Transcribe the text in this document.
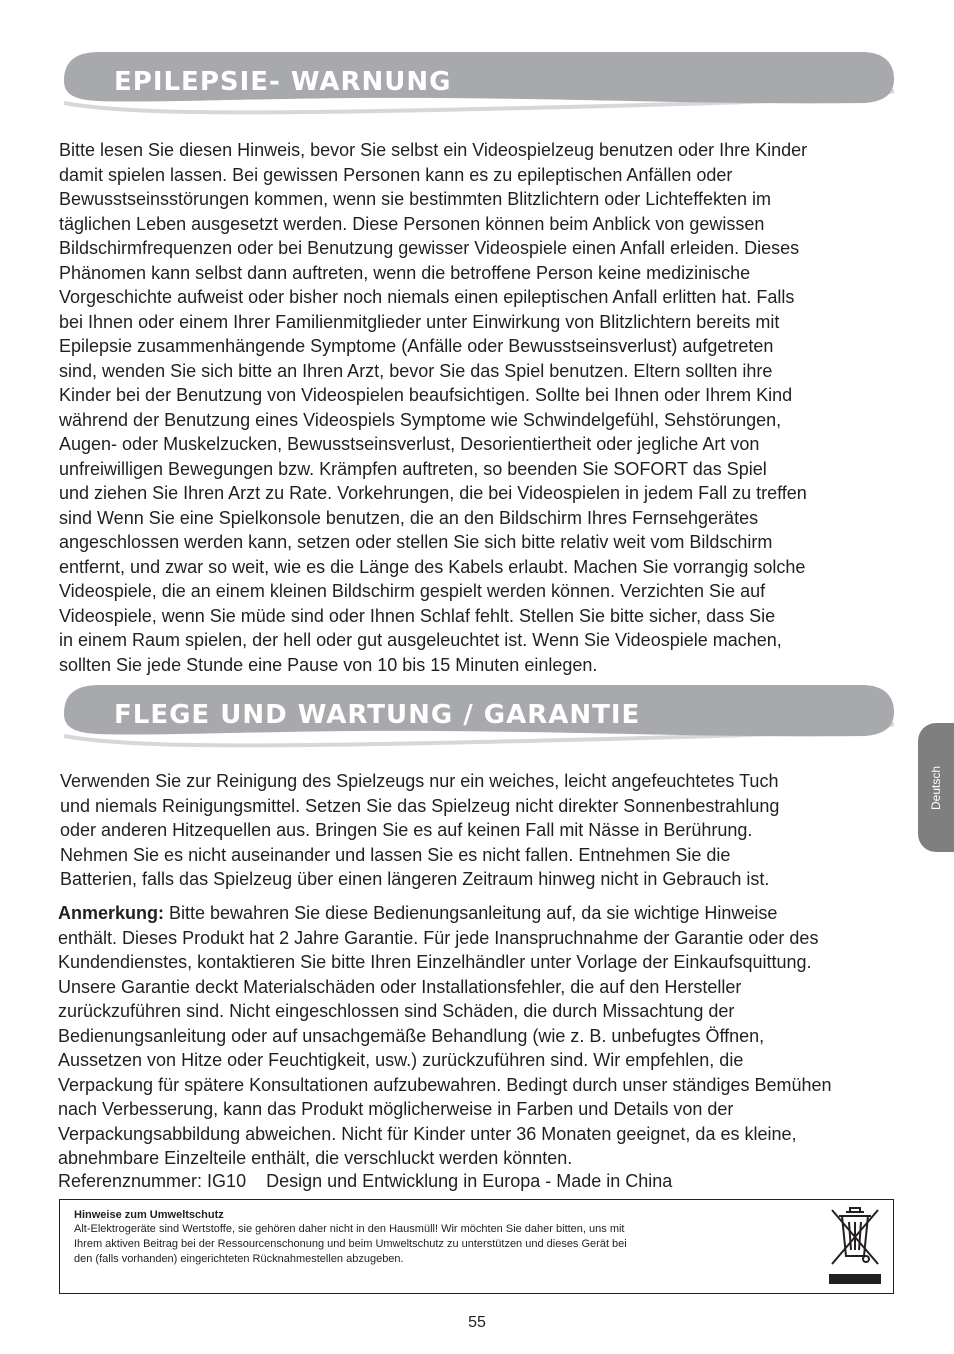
EPILEPSIE- WARNUNG

Bitte lesen Sie diesen Hinweis, bevor Sie selbst ein Videospielzeug benutzen oder Ihre Kinder
damit spielen lassen. Bei gewissen Personen kann es zu epileptischen Anfällen oder
Bewusstseinsstörungen kommen, wenn sie bestimmten Blitzlichtern oder Lichteffekten im
täglichen Leben ausgesetzt werden. Diese Personen können beim Anblick von gewissen
Bildschirmfrequenzen oder bei Benutzung gewisser Videospiele einen Anfall erleiden. Dieses
Phänomen kann selbst dann auftreten, wenn die betroffene Person keine medizinische
Vorgeschichte aufweist oder bisher noch niemals einen epileptischen Anfall erlitten hat. Falls
bei Ihnen oder einem Ihrer Familienmitglieder unter Einwirkung von Blitzlichtern bereits mit
Epilepsie zusammenhängende Symptome (Anfälle oder Bewusstseinsverlust) aufgetreten
sind, wenden Sie sich bitte an Ihren Arzt, bevor Sie das Spiel benutzen. Eltern sollten ihre
Kinder bei der Benutzung von Videospielen beaufsichtigen. Sollte bei Ihnen oder Ihrem Kind
während der Benutzung eines Videospiels Symptome wie Schwindelgefühl, Sehstörungen,
Augen- oder Muskelzucken, Bewusstseinsverlust, Desorientiertheit oder jegliche Art von
unfreiwilligen Bewegungen bzw. Krämpfen auftreten, so beenden Sie SOFORT das Spiel
und ziehen Sie Ihren Arzt zu Rate. Vorkehrungen, die bei Videospielen in jedem Fall zu treffen
sind Wenn Sie eine Spielkonsole benutzen, die an den Bildschirm Ihres Fernsehgerätes
angeschlossen werden kann, setzen oder stellen Sie sich bitte relativ weit vom Bildschirm
entfernt, und zwar so weit, wie es die Länge des Kabels erlaubt. Machen Sie vorrangig solche
Videospiele, die an einem kleinen Bildschirm gespielt werden können. Verzichten Sie auf
Videospiele, wenn Sie müde sind oder Ihnen Schlaf fehlt. Stellen Sie bitte sicher, dass Sie
in einem Raum spielen, der hell oder gut ausgeleuchtet ist. Wenn Sie Videospiele machen,
sollten Sie jede Stunde eine Pause von 10 bis 15 Minuten einlegen.

FLEGE UND WARTUNG / GARANTIE

Verwenden Sie zur Reinigung des Spielzeugs nur ein weiches, leicht angefeuchtetes Tuch
und niemals Reinigungsmittel. Setzen Sie das Spielzeug nicht direkter Sonnenbestrahlung
oder anderen Hitzequellen aus. Bringen Sie es auf keinen Fall mit Nässe in Berührung.
Nehmen Sie es nicht auseinander und lassen Sie es nicht fallen. Entnehmen Sie die
Batterien, falls das Spielzeug über einen längeren Zeitraum hinweg nicht in Gebrauch ist.

Anmerkung: Bitte bewahren Sie diese Bedienungsanleitung auf, da sie wichtige Hinweise
enthält. Dieses Produkt hat 2 Jahre Garantie. Für jede Inanspruchnahme der Garantie oder des
Kundendienstes, kontaktieren Sie bitte Ihren Einzelhändler unter Vorlage der Einkaufsquittung.
Unsere Garantie deckt Materialschäden oder Installationsfehler, die auf den Hersteller
zurückzuführen sind. Nicht eingeschlossen sind Schäden, die durch Missachtung der
Bedienungsanleitung oder auf unsachgemäße Behandlung (wie z. B. unbefugtes Öffnen,
Aussetzen von Hitze oder Feuchtigkeit, usw.) zurückzuführen sind. Wir empfehlen, die
Verpackung für spätere Konsultationen aufzubewahren. Bedingt durch unser ständiges Bemühen
nach Verbesserung, kann das Produkt möglicherweise in Farben und Details von der
Verpackungsabbildung abweichen. Nicht für Kinder unter 36 Monaten geeignet, da es kleine,
abnehmbare Einzelteile enthält, die verschluckt werden könnten.

Referenznummer: IG10    Design und Entwicklung in Europa - Made in China

Hinweise zum Umweltschutz

Alt-Elektrogeräte sind Wertstoffe, sie gehören daher nicht in den Hausmüll! Wir möchten Sie daher bitten, uns mit
Ihrem aktiven Beitrag bei der Ressourcenschonung und beim Umweltschutz zu unterstützen und dieses Gerät bei
den (falls vorhanden) eingerichteten Rücknahmestellen abzugeben.

Deutsch

55
